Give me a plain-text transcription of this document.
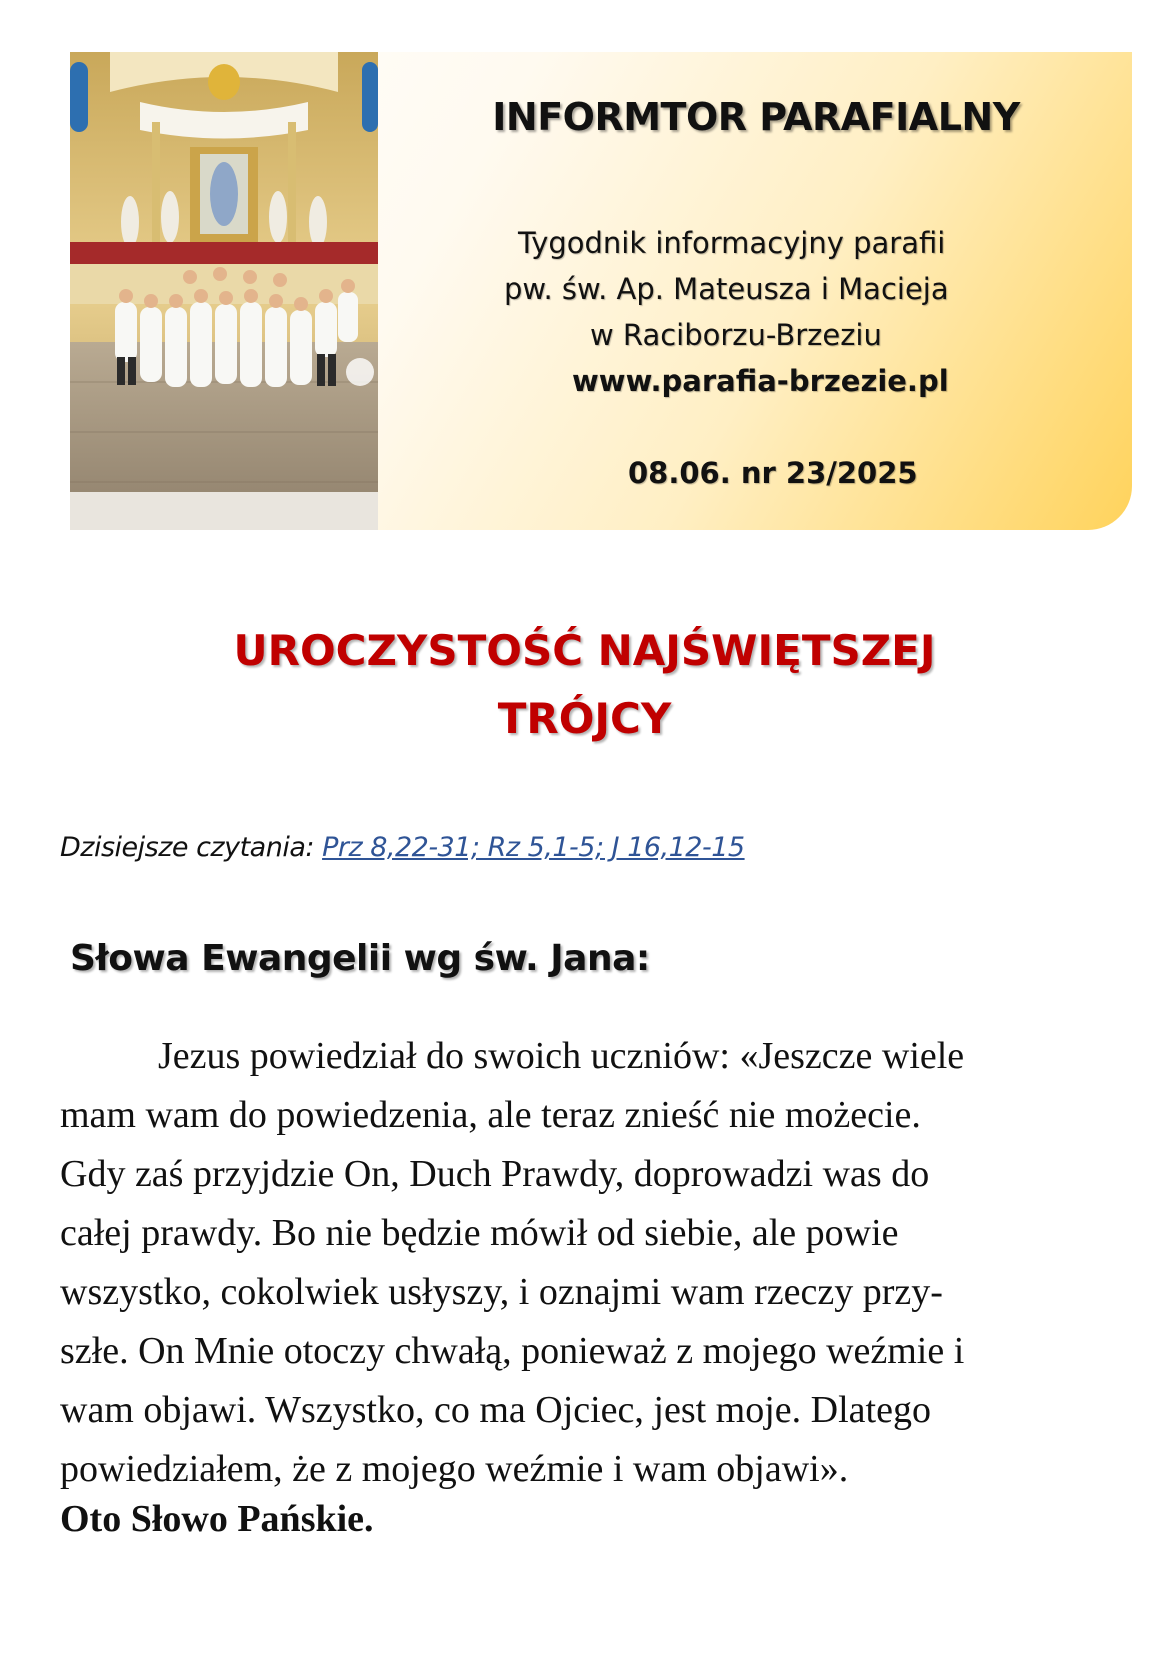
INFORMTOR PARAFIALNY
Tygodnik informacyjny parafii
pw. św. Ap. Mateusza i Macieja
w Raciborzu-Brzeziu
www.parafia-brzezie.pl
08.06. nr 23/2025
UROCZYSTOŚĆ NAJŚWIĘTSZEJ
TRÓJCY
Dzisiejsze czytania: Prz 8,22-31; Rz 5,1-5; J 16,12-15
Słowa Ewangelii wg św. Jana:
Jezus powiedział do swoich uczniów: «Jeszcze wiele
mam wam do powiedzenia, ale teraz znieść nie możecie.
Gdy zaś przyjdzie On, Duch Prawdy, doprowadzi was do
całej prawdy. Bo nie będzie mówił od siebie, ale powie
wszystko, cokolwiek usłyszy, i oznajmi wam rzeczy przy-
szłe. On Mnie otoczy chwałą, ponieważ z mojego weźmie i
wam objawi. Wszystko, co ma Ojciec, jest moje. Dlatego
powiedziałem, że z mojego weźmie i wam objawi».
Oto Słowo Pańskie.
